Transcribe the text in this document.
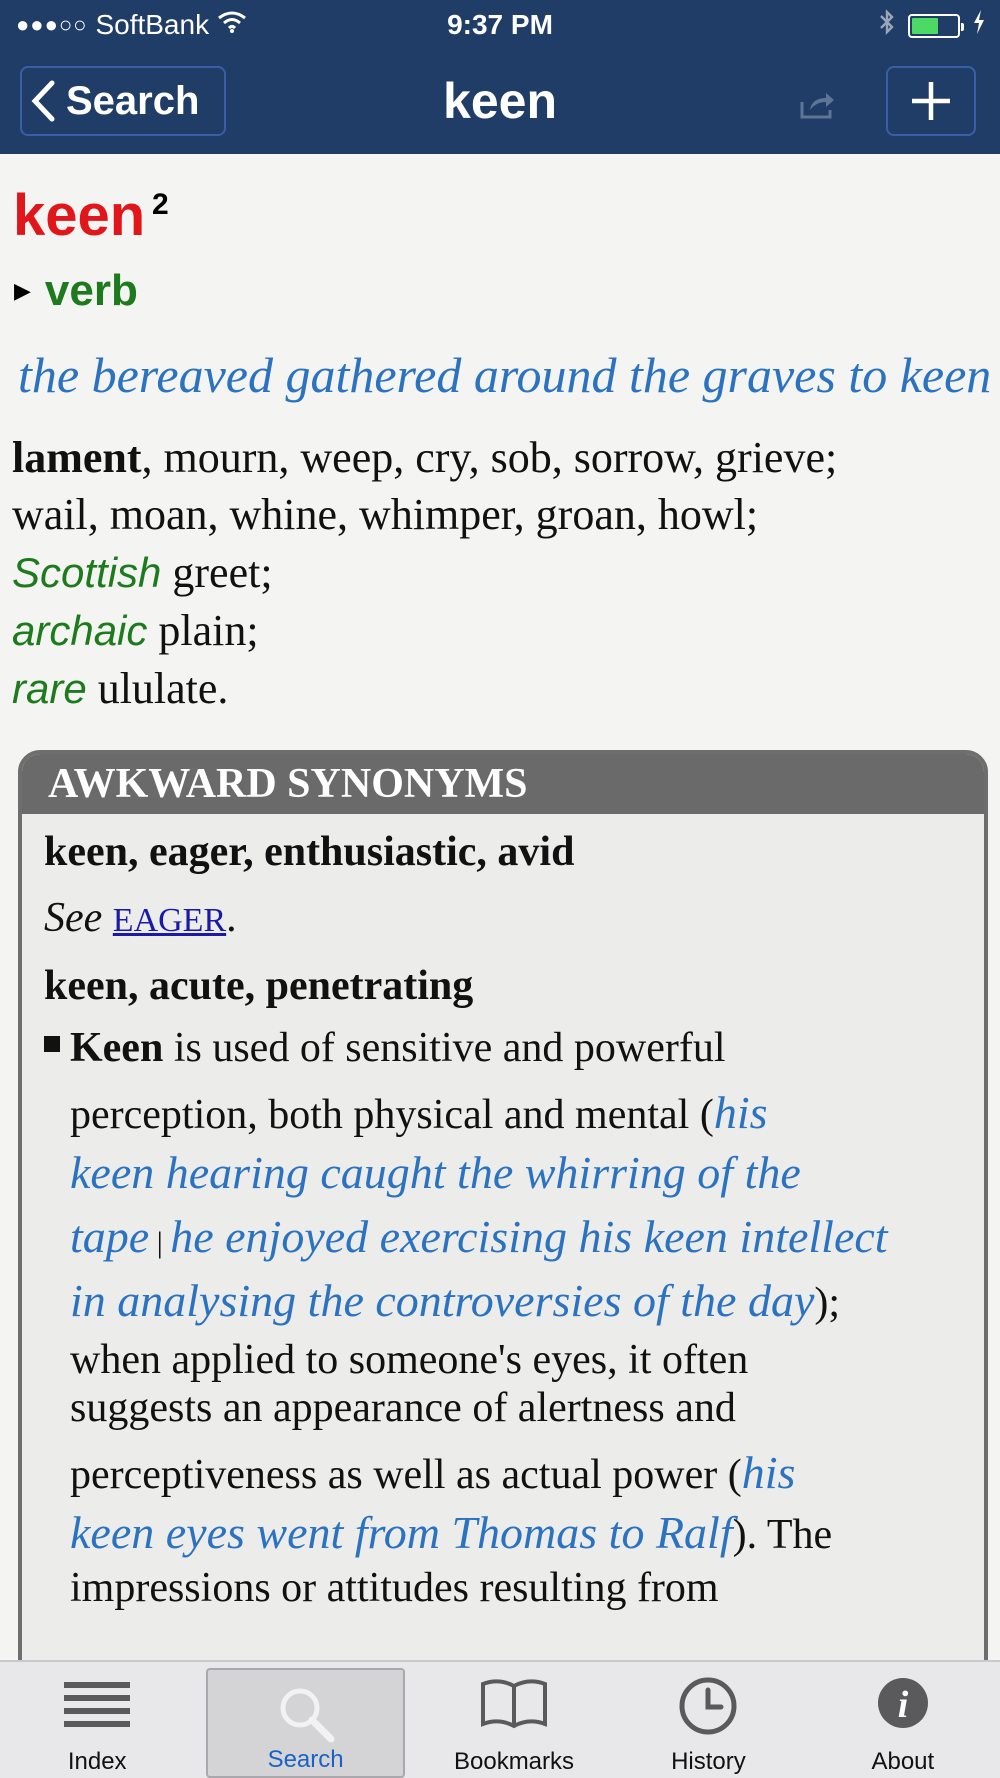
●●●○○ SoftBank	9:37 PM
Search	keen
keen 2
▶ verb
the bereaved gathered around the graves to keen
lament, mourn, weep, cry, sob, sorrow, grieve;
wail, moan, whine, whimper, groan, howl;
Scottish greet;
archaic plain;
rare ululate.
AWKWARD SYNONYMS
keen, eager, enthusiastic, avid
See EAGER.
keen, acute, penetrating
Keen is used of sensitive and powerful
perception, both physical and mental (his
keen hearing caught the whirring of the
tape | he enjoyed exercising his keen intellect
in analysing the controversies of the day);
when applied to someone's eyes, it often
suggests an appearance of alertness and
perceptiveness as well as actual power (his
keen eyes went from Thomas to Ralf). The
impressions or attitudes resulting from
Index	Search	Bookmarks	History
i
About
